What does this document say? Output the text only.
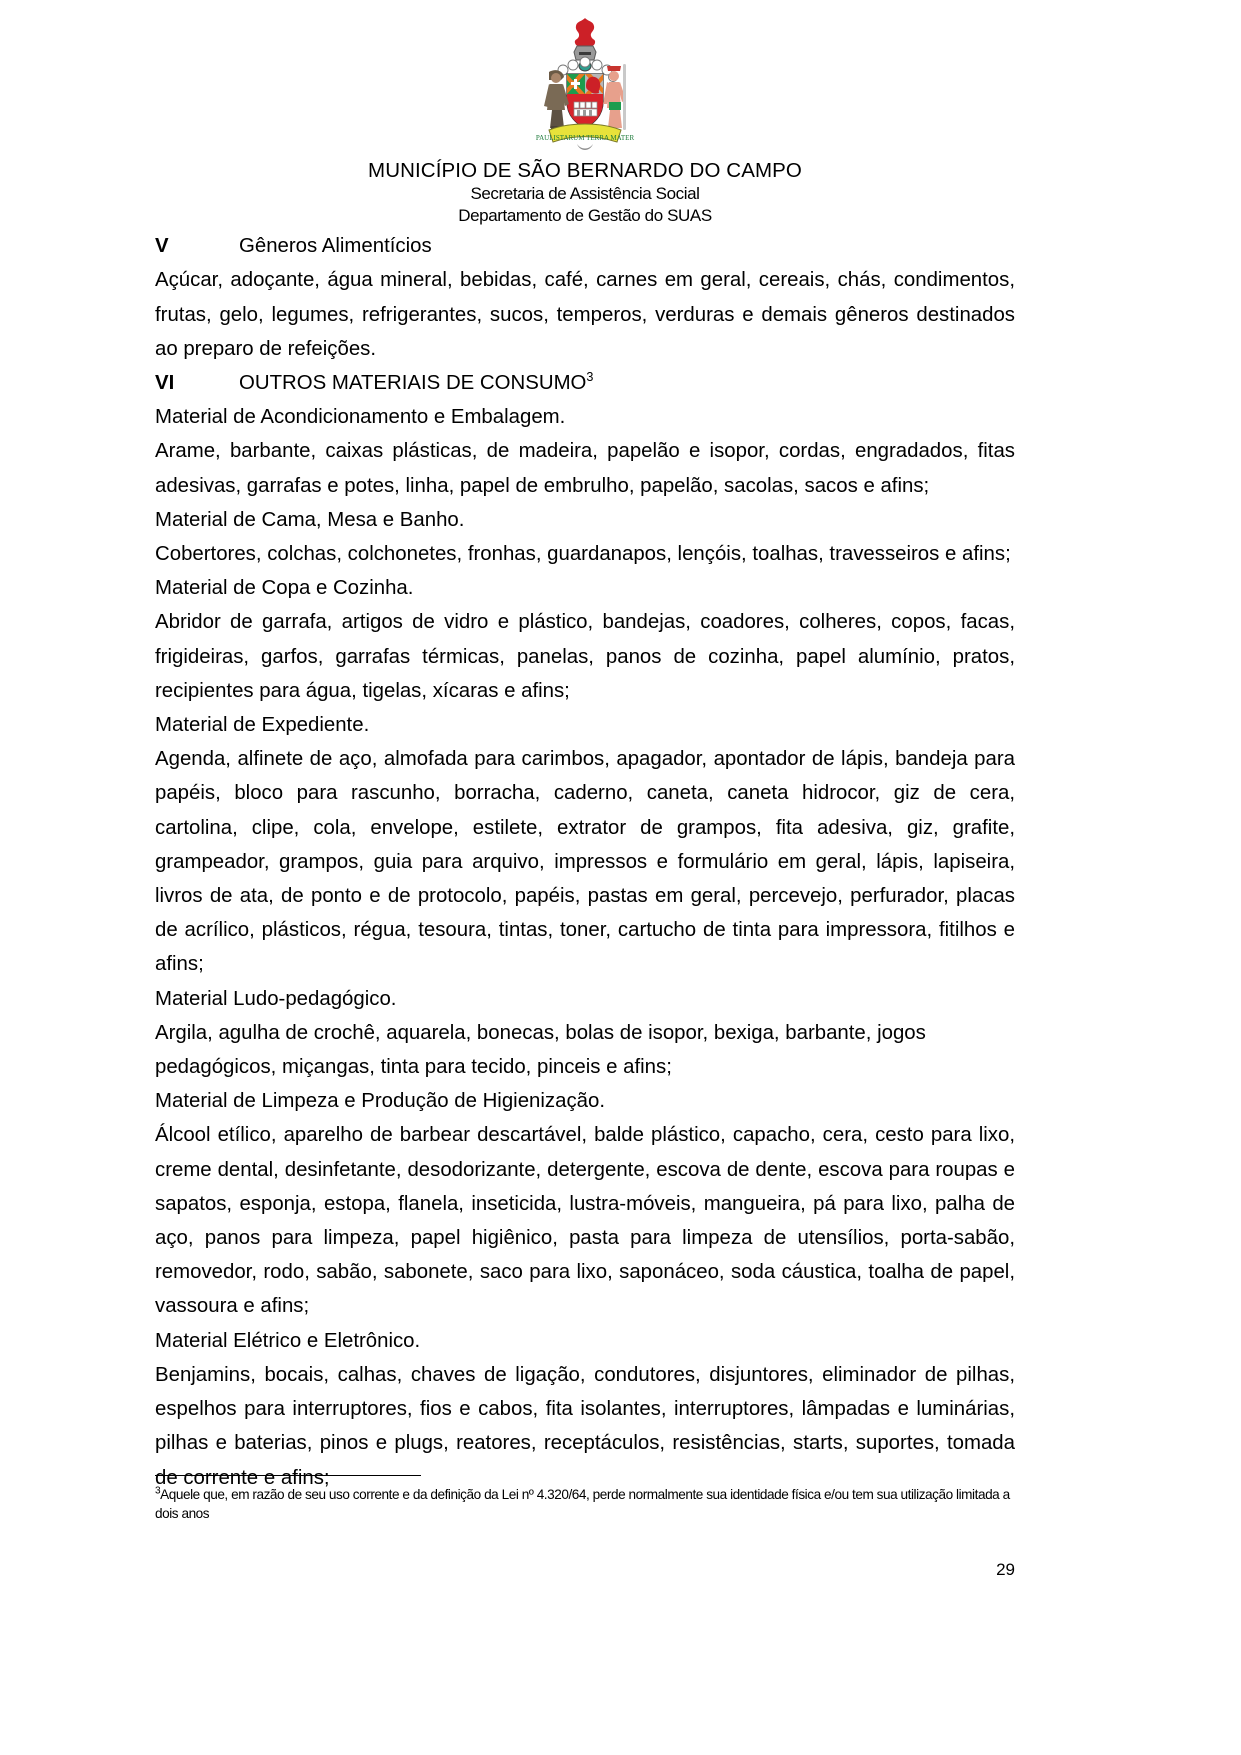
PAULISTARUM TERRA MATER
MUNICÍPIO DE SÃO BERNARDO DO CAMPO
Secretaria de Assistência Social
Departamento de Gestão do SUAS
V	Gêneros Alimentícios
Açúcar, adoçante, água mineral, bebidas, café, carnes em geral, cereais, chás, condimentos, frutas, gelo, legumes, refrigerantes, sucos, temperos, verduras e demais gêneros destinados ao preparo de refeições.
VI	OUTROS MATERIAIS DE CONSUMO$^3$
Material de Acondicionamento e Embalagem.
Arame, barbante, caixas plásticas, de madeira, papelão e isopor, cordas, engradados, fitas adesivas, garrafas e potes, linha, papel de embrulho, papelão, sacolas, sacos e afins;
Material de Cama, Mesa e Banho.
Cobertores, colchas, colchonetes, fronhas, guardanapos, lençóis, toalhas, travesseiros e afins;
Material de Copa e Cozinha.
Abridor de garrafa, artigos de vidro e plástico, bandejas, coadores, colheres, copos, facas, frigideiras, garfos, garrafas térmicas, panelas, panos de cozinha, papel alumínio, pratos, recipientes para água, tigelas, xícaras e afins;
Material de Expediente.
Agenda, alfinete de aço, almofada para carimbos, apagador, apontador de lápis, bandeja para papéis, bloco para rascunho, borracha, caderno, caneta, caneta hidrocor, giz de cera, cartolina, clipe, cola, envelope, estilete, extrator de grampos, fita adesiva, giz, grafite, grampeador, grampos, guia para arquivo, impressos e formulário em geral, lápis, lapiseira, livros de ata, de ponto e de protocolo, papéis, pastas em geral, percevejo, perfurador, placas de acrílico, plásticos, régua, tesoura, tintas, toner, cartucho de tinta para impressora, fitilhos e afins;
Material Ludo-pedagógico.
Argila, agulha de crochê, aquarela, bonecas, bolas de isopor, bexiga, barbante, jogos pedagógicos, miçangas, tinta para tecido, pinceis e afins;
Material de Limpeza e Produção de Higienização.
Álcool etílico, aparelho de barbear descartável, balde plástico, capacho, cera, cesto para lixo, creme dental, desinfetante, desodorizante, detergente, escova de dente, escova para roupas e sapatos, esponja, estopa, flanela, inseticida, lustra-móveis, mangueira, pá para lixo, palha de aço, panos para limpeza, papel higiênico, pasta para limpeza de utensílios, porta-sabão, removedor, rodo, sabão, sabonete, saco para lixo, saponáceo, soda cáustica, toalha de papel, vassoura e afins;
Material Elétrico e Eletrônico.
Benjamins, bocais, calhas, chaves de ligação, condutores, disjuntores, eliminador de pilhas, espelhos para interruptores, fios e cabos, fita isolantes, interruptores, lâmpadas e luminárias, pilhas e baterias, pinos e plugs, reatores, receptáculos, resistências, starts, suportes, tomada de corrente e afins;
$^3$Aquele que, em razão de seu uso corrente e da definição da Lei nº 4.320/64, perde normalmente sua identidade física e/ou tem sua utilização limitada a dois anos
29
